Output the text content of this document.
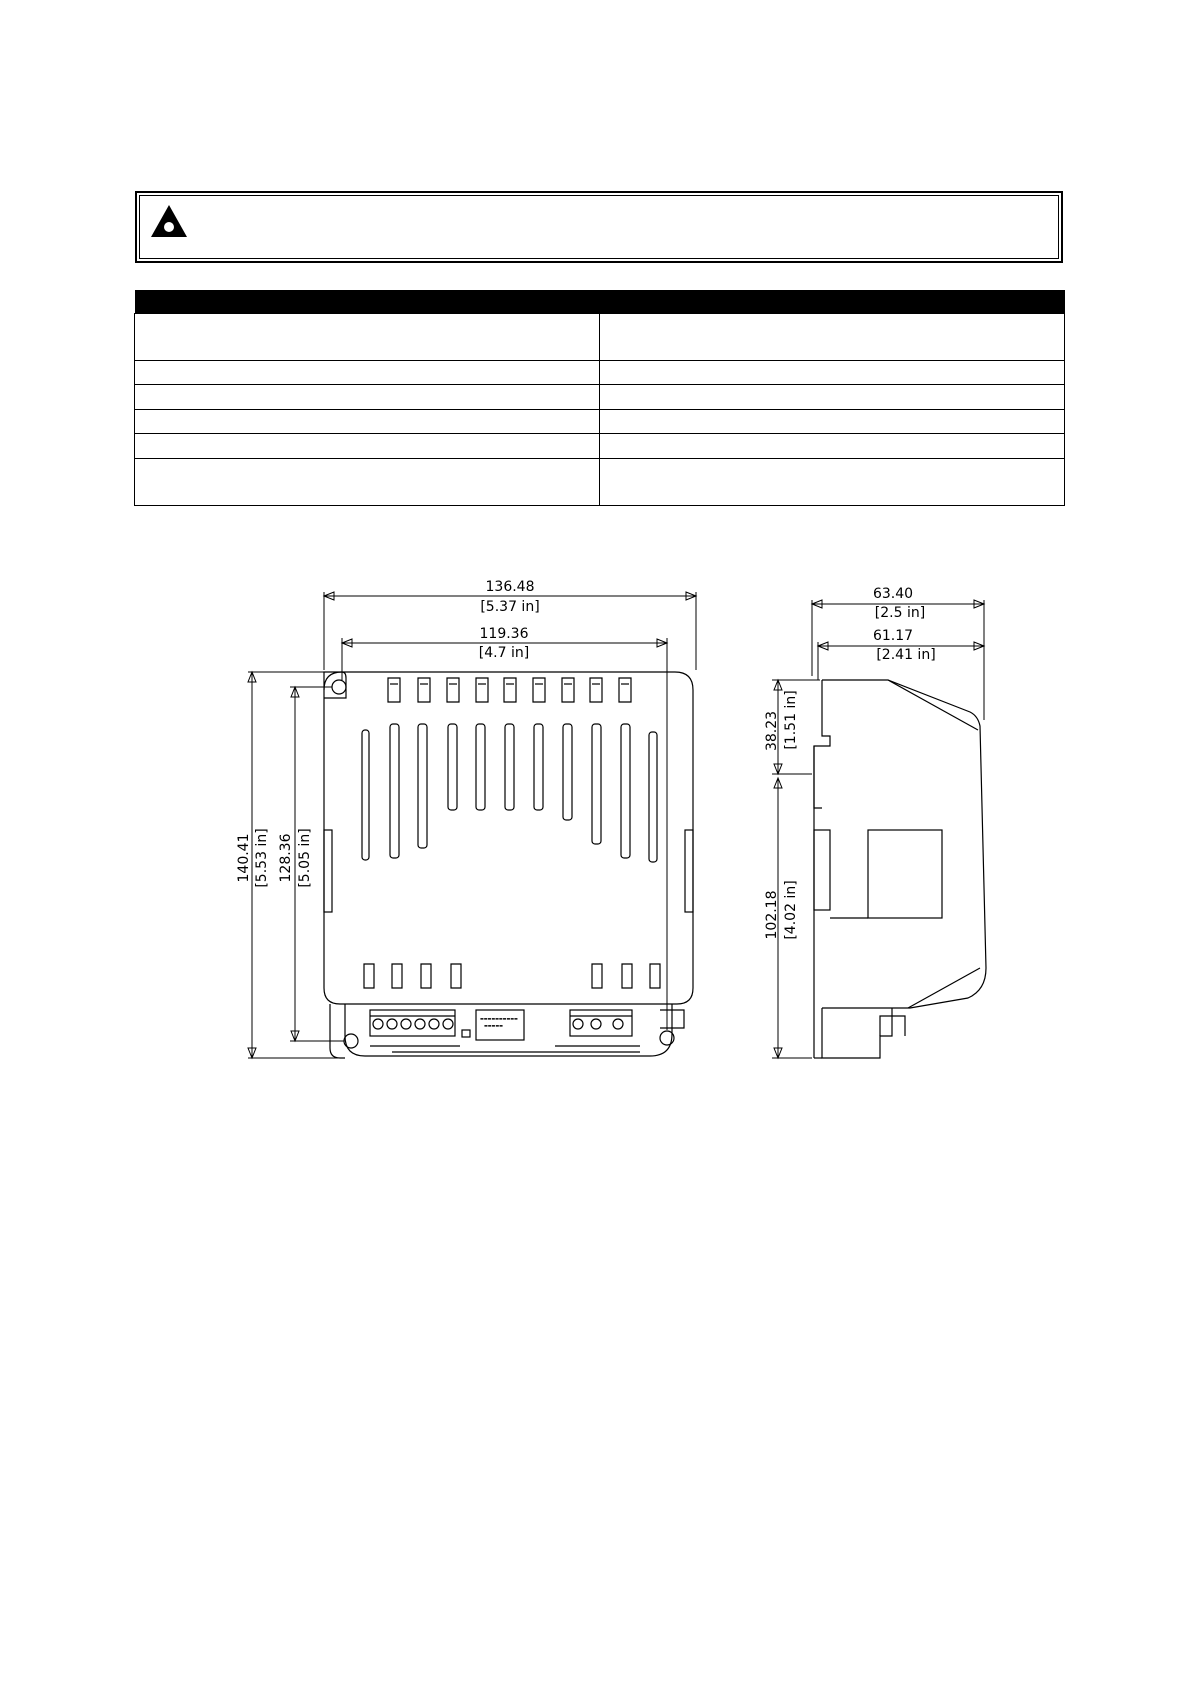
▬▬▬▬▬▬▬▬▬▬
▬▬▬▬▬
136.48
[5.37 in]
119.36
[4.7 in]
140.41 [5.53 in] 128.36 [5.05 in]
63.40
[2.5 in]
61.17
[2.41 in]
38.23 [1.51 in]
102.18 [4.02 in]
